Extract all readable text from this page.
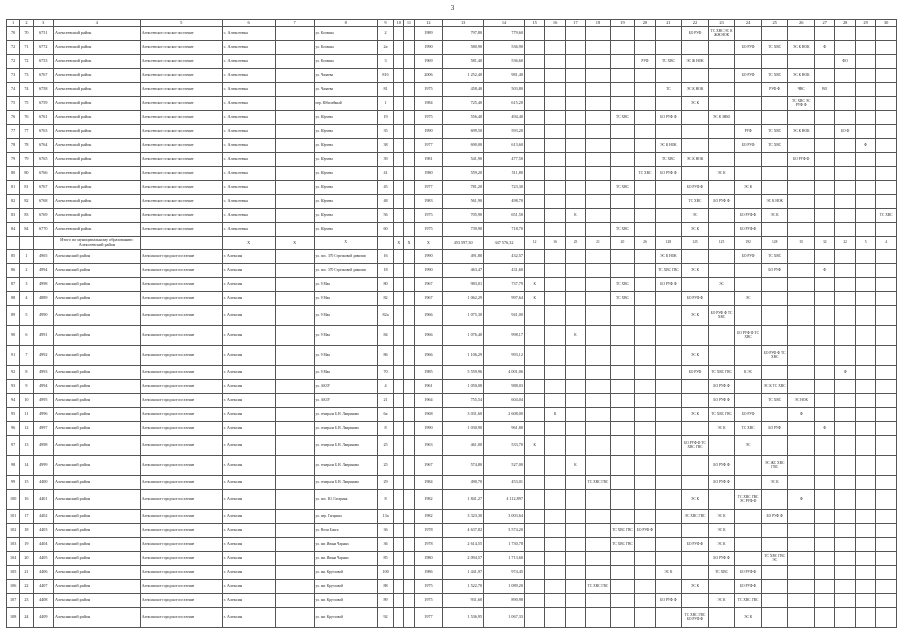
3
1	2	3	4	5	6	7	8	9	10	11	12	13	14	15	16	17	18	19	20	21	22	23	24	25	26	27	28	29	30
70	70	6751	Алексеевский район	Алексеевское сельское поселение	с. Алексеевка		ул. Косвина	2			1989	797,80	779,60								БО РУФ	ТС ХВС ЭС К ЖЖ НОК							
72	71	6772	Алексеевский район	Алексеевское сельское поселение	с. Алексеевка		ул. Косвина	2а			1990	580,90	536,90										БО РУФ	ТС ХВС	ЭС К НОК	Ф			
72	72	6753	Алексеевский район	Алексеевское сельское поселение	с. Алексеевка		ул. Косвина	3			1969	581,40	536,60						РУФ	ТС ХВС	ЭС Ж НОК						ФО		
73	73	6767	Алексеевский район	Алексеевское сельское поселение	с. Алексеевка		ул. Чапаева	81б			2006	1 252,40	981,40										БО РУФ	ТС ХВС	ЭС К НОК				
74	74	6758	Алексеевский район	Алексеевское сельское поселение	с. Алексеевка		ул. Чапаева	81			1975	458,40	503,80							ТС	ЭС К НОК			РУФ Ф	ЧВС	ВО			
75	75	6759	Алексеевский район	Алексеевское сельское поселение	с. Алексеевка		пер. Юбилейный	1			1984	725,40	615,20								ЭС К				ТС ХВС ЭС РУФ Ф				
76	76	6761	Алексеевский район	Алексеевское сельское поселение	с. Алексеевка		ул. Юрчева	19			1975	556,40	494,40					ТС ХВС		БО РУФ Ф		ЭС К ЗНЮ							
77	77	6763	Алексеевский район	Алексеевское сельское поселение	с. Алексеевка		ул. Юрчева	35			1990	699,50	593,20										РУФ	ТС ХВС	ЭС К НОК		БО Ф		
78	78	6764	Алексеевский район	Алексеевское сельское поселение	с. Алексеевка		ул. Юрчева	38			1977	690,00	613,60							ЭС К НОК			БО РУФ	ТС ХВС				Ф	
79	79	6765	Алексеевский район	Алексеевское сельское поселение	с. Алексеевка		ул. Юрчева	39			1981	541,90	477,50							ТС ХВС	ЭС К НОК				БО РУФ Ф				
80	80	6766	Алексеевский район	Алексеевское сельское поселение	с. Алексеевка		ул. Юрчева	41			1980	559,20	511,80						ТС ХВС	БО РУФ Ф		ЭС К							
81	81	6767	Алексеевский район	Алексеевское сельское поселение	с. Алексеевка		ул. Юрчева	45			1977	781,20	723,30					ТС ХВС			БО РУФ Ф		ЭС К						
82	82	6768	Алексеевский район	Алексеевское сельское поселение	с. Алексеевка		ул. Юрчева	48			1983	561,90	498,70								ТС ХВС	БО РУФ Ф		ЭС К НОК					
83	83	6769	Алексеевский район	Алексеевское сельское поселение	с. Алексеевка		ул. Юрчева	56			1975	705,90	651,50			К					ЭС		БО РУФ Ф	ЭС К					ТС ХВС
84	84	6770	Алексеевский район	Алексеевское сельское поселение	с. Алексеевка		ул. Юрчева	60			1975	739,90	718,70					ТС ХВС			ЭС К		БО РУФ Ф						
			Итого по муниципальному образованию: Алексеевский район		Х	Х	Х		Х	Х	Х	453 597,30	347 576,32	12	16	25	21	20	26	128	125	125	192	128	35	32	22	5	4
85	1	4965	Алексинский район	Алексинское городское поселение	г. Алексин		ул. пос. 370 Стрелковой дивизии	16			1990	491,80	432,57							ЭС К НОК			БО РУФ	ТС ХВС					
86	2	4994	Алексинский район	Алексинское городское поселение	г. Алексин		ул. пос. 370 Стрелковой дивизии	18			1990	463,47	431,60							ТС ХВС ГВС	ЭС К			БО РУФ		Ф			
87	3	4998	Алексинский район	Алексинское городское поселение	г. Алексин		ул. 9 Мая	80			1967	983,01	737,79	К				ТС ХВС		БО РУФ Ф		ЭС							
88	4	4889	Алексинский район	Алексинское городское поселение	г. Алексин		ул. 9 Мая	82			1967	1 062,29	997,64	К				ТС ХВС			БО РУФ Ф		ЭС						
89	5	4990	Алексинский район	Алексинское городское поселение	г. Алексин		ул. 9 Мая	82а			1966	1 075,30	941,00								ЭС К	БО РУФ Ф ТС ХВС							
90	6	4991	Алексинский район	Алексинское городское поселение	г. Алексин		ул. 9 Мая	84			1966	1 076,40	998,17			К							БО РУФ Ф ТС ХВС						
91	7	4992	Алексинский район	Алексинское городское поселение	г. Алексин		ул. 9 Мая	86			1966	1 106,29	993,12								ЭС К			БО РУФ Ф ТС ХВС					
92	8	4993	Алексинский район	Алексинское городское поселение	г. Алексин		ул. 9 Мая	70			1985	5 559,96	4 001,06								БО РУФ	ТС ХВС ГВС	К ЭС				Ф		
93	9	4994	Алексинский район	Алексинское городское поселение	г. Алексин		ул. АКЗУ	4			1961	1 050,08	988,03									БО РУФ Ф		ЭС К ТС ХВС					
94	10	4995	Алексинский район	Алексинское городское поселение	г. Алексин		ул. АКЗУ	21			1964	755,54	604,04									БО РУФ Ф		ТС ХВС	ЭС НОК				
95	11	4996	Алексинский район	Алексинское городское поселение	г. Алексин		ул. генерала Б.Н. Лавринова	6а			1968	3 031,60	2 608,00		К						ЭС К	ТС ХВС ГВС	БО РУФ		Ф				
96	12	4997	Алексинский район	Алексинское городское поселение	г. Алексин		ул. генерала Б.Н. Лавринова	8			1990	1 030,90	961,80									ЭС К	ТС ХВС	БО РУФ		Ф			
97	13	4998	Алексинский район	Алексинское городское поселение	г. Алексин		ул. генерала Б.Н. Лавринова	25			1963	461,00	533,70	К							БО РУФ Ф ТС ХВС ГВС		ЭС						
98	14	4999	Алексинский район	Алексинское городское поселение	г. Алексин		ул. генерала Б.Н. Лавринова	25			1967	574,80	527,00			К						БО РУФ Ф		ЭС ЖС ХВС ГВС					
99	15	4400	Алексинский район	Алексинское городское поселение	г. Алексин		ул. генерала Б.Н. Лавринова	29			1984	490,70	453,01				ТС ХВС ГВС					БО РУФ Ф		ЭС К					
100	16	4401	Алексинский район	Алексинское городское поселение	г. Алексин		ул. пос. Ю. Гагарина	8			1982	1 841,27	4 112,897								ЭС К		ТС ХВС ГВС ЭС РУФ Ф		Ф				
101	17	4402	Алексинский район	Алексинское городское поселение	г. Алексин		ул. пер. Гагарина	13а			1982	3 323,30	3 003,64								ЭС ХВС ГВС	ЭС К		БО РУФ Ф					
102	18	4403	Алексинский район	Алексинское городское поселение	г. Алексин		ул. Ночи Бонга	36			1978	4 637,82	3 574,20					ТС ХВС ГВС	БО РУФ Ф			ЭС К							
103	19	4404	Алексинский район	Алексинское городское поселение	г. Алексин		ул. им. Ивана Чарных	36			1978	2 614,55	1 730,78					ТС ХВС ГВС			БО РУФ Ф	ЭС К							
104	20	4405	Алексинский район	Алексинское городское поселение	г. Алексин		ул. им. Ивана Чарных	85			1980	2 094,57	1 713,60									БО РУФ Ф		ТС ХВС ГВС ЭС					
105	21	4406	Алексинский район	Алексинское городское поселение	г. Алексин		ул. им. Кругловой	100			1986	1 441,97	974,45							ЭС К		ТС ХВС	БО РУФ Ф						
106	22	4407	Алексинский район	Алексинское городское поселение	г. Алексин		ул. им. Кругловой	88			1975	1 522,70	1 089,20				ТС ХВС ГВС				ЭС К		БО РУФ Ф						
107	23	4408	Алексинский район	Алексинское городское поселение	г. Алексин		ул. им. Кругловой	89			1975	931,60	890,98							БО РУФ Ф		ЭС К	ТС ХВС ГВС						
108	24	4409	Алексинский район	Алексинское городское поселение	г. Алексин		ул. им. Кругловой	92			1977	1 536,95	1 067,33								ТС ХВС ГВС БО РУФ Ф		ЭС К						
